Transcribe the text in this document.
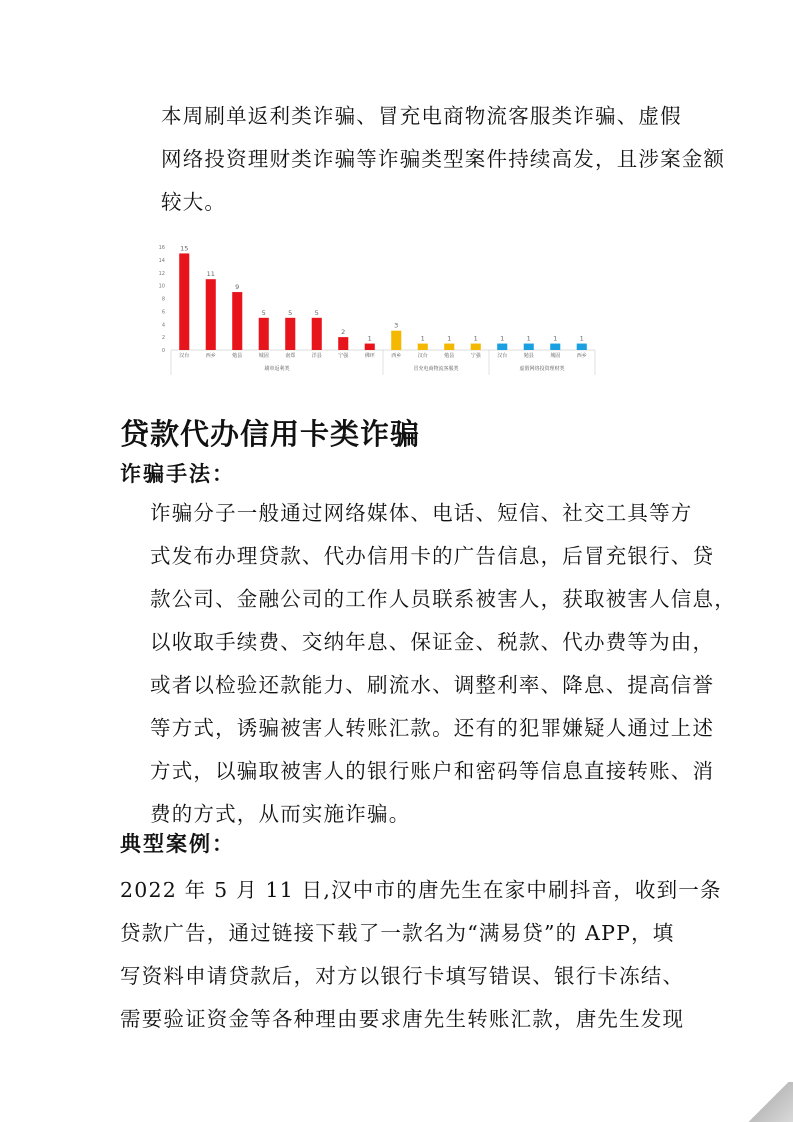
本周刷单返利类诈骗、冒充电商物流客服类诈骗、虚假
网络投资理财类诈骗等诈骗类型案件持续高发，且涉案金额
较大。
0
2
4
6
8
10
12
14
16 15
汉台
11
西乡
9
勉县
5
城固
5
南郑
5
洋县
2
宁强
1
佛坪
刷单返利类
3
西乡
1
汉台
1
勉县
1
宁强
冒充电商物流客服类
1
汉台
1
勉县
1
城固
1
西乡
虚假网络投资理财类
贷款代办信用卡类诈骗
诈骗手法：
诈骗分子一般通过网络媒体、电话、短信、社交工具等方
式发布办理贷款、代办信用卡的广告信息，后冒充银行、贷
款公司、金融公司的工作人员联系被害人，获取被害人信息，
以收取手续费、交纳年息、保证金、税款、代办费等为由，
或者以检验还款能力、刷流水、调整利率、降息、提高信誉
等方式，诱骗被害人转账汇款。还有的犯罪嫌疑人通过上述
方式，以骗取被害人的银行账户和密码等信息直接转账、消
费的方式，从而实施诈骗。
典型案例：
2022 年 5 月 11 日,汉中市的唐先生在家中刷抖音，收到一条
贷款广告，通过链接下载了一款名为“满易贷”的 APP，填
写资料申请贷款后，对方以银行卡填写错误、银行卡冻结、
需要验证资金等各种理由要求唐先生转账汇款，唐先生发现
